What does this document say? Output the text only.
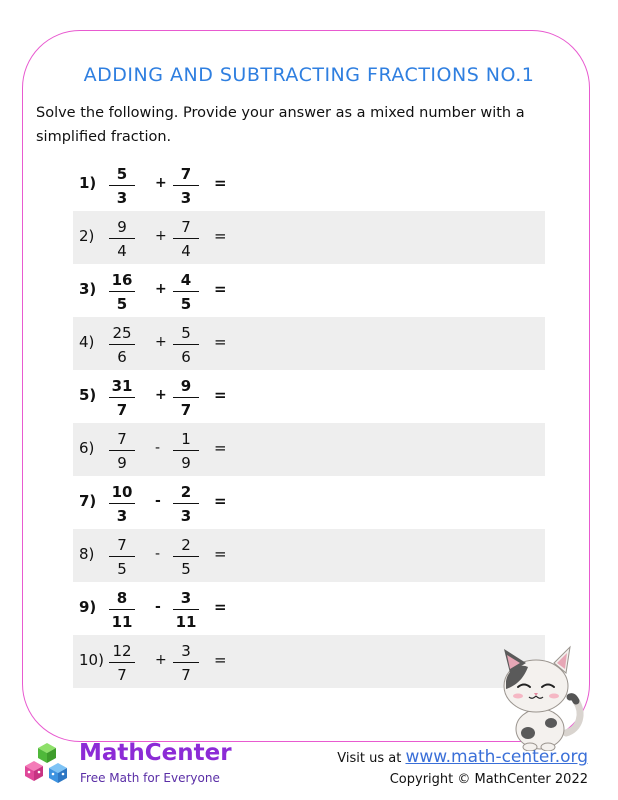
ADDING AND SUBTRACTING FRACTIONS NO.1
Solve the following. Provide your answer as a mixed number with a simplified fraction.
1)	5
3
+ 7
3
=
2)	9
4
+ 7
4
=
3)	16
5
+ 4
5
=
4)	25
6
+ 5
6
=
5)	31
7
+ 9
7
=
6)	7
9
-	1
9
=
7)	10
3
-	2
3
=
8)	7
5
-	2
5
=
9)	8
11
-	3
11
=
10) 12
7
+ 3
7
=
MathCenter
Free Math for Everyone
Visit us at www.math-center.org
Copyright © MathCenter 2022
